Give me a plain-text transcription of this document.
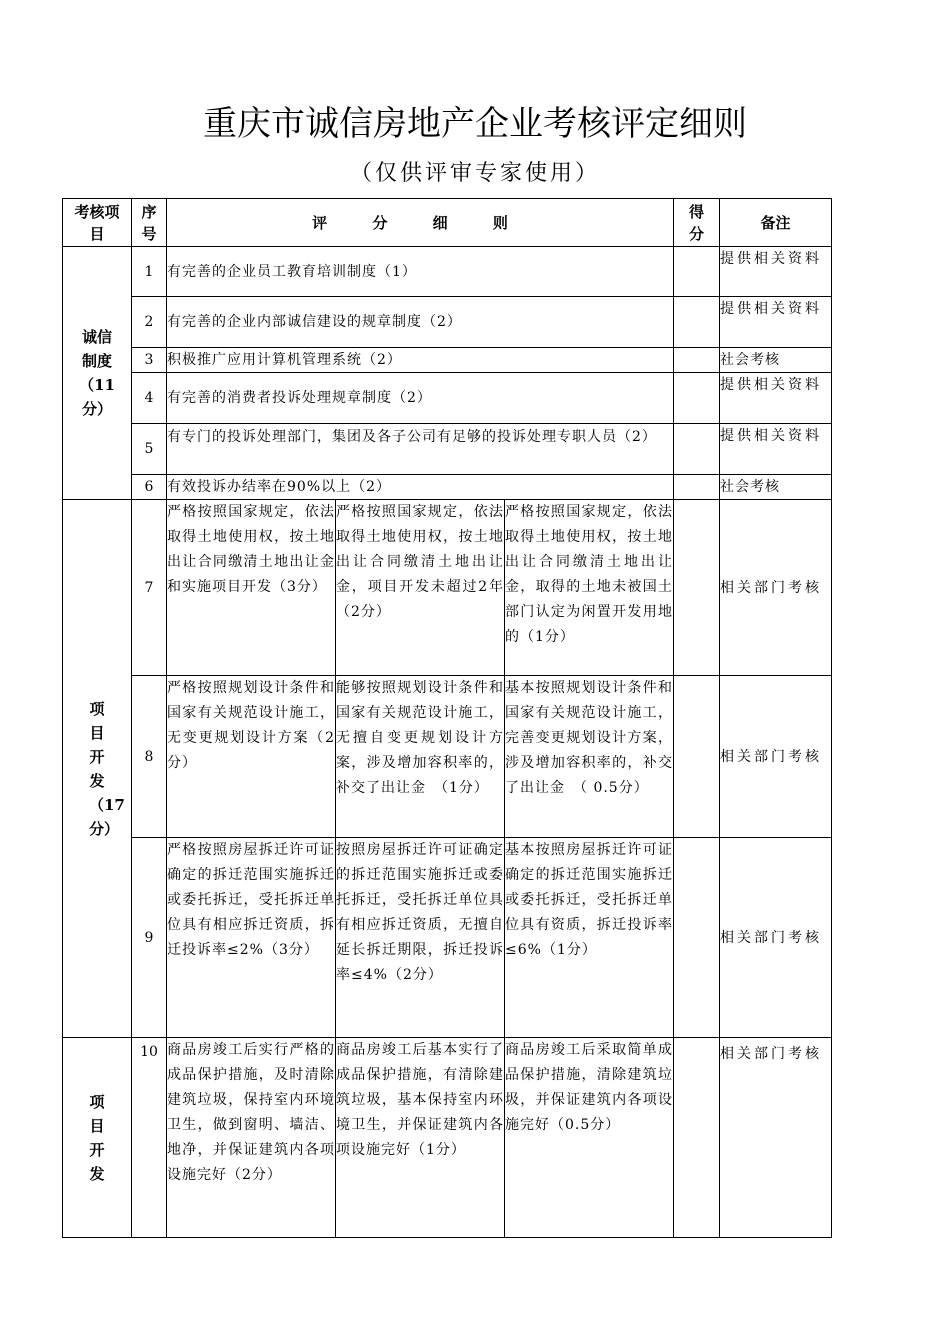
重庆市诚信房地产企业考核评定细则
（仅供评审专家使用）
考核项目	序号	评 分 细 则			得分	备注
诚信制度（11分）	1	有完善的企业员工教育培训制度（1）				提供相关资料
	2	有完善的企业内部诚信建设的规章制度（2）				提供相关资料
	3	积极推广应用计算机管理系统（2）				社会考核
	4	有完善的消费者投诉处理规章制度（2）				提供相关资料
	5	有专门的投诉处理部门，集团及各子公司有足够的投诉处理专职人员（2）				提供相关资料
	6	有效投诉办结率在90%以上（2）				社会考核
项目开发（17分）	7	严格按照国家规定，依法取得土地使用权，按土地出让合同缴清土地出让金和实施项目开发（3分）	严格按照国家规定，依法取得土地使用权，按土地出让合同缴清土地出让金，项目开发未超过2年（2分）	严格按照国家规定，依法取得土地使用权，按土地出让合同缴清土地出让金，取得的土地未被国土部门认定为闲置开发用地的（1分）		相关部门考核
	8	严格按照规划设计条件和国家有关规范设计施工，无变更规划设计方案（2分）	能够按照规划设计条件和国家有关规范设计施工，无擅自变更规划设计方案，涉及增加容积率的，补交了出让金　（1分）	基本按照规划设计条件和国家有关规范设计施工，完善变更规划设计方案，涉及增加容积率的，补交了出让金　（ 0.5分）		相关部门考核
	9	严格按照房屋拆迁许可证确定的拆迁范围实施拆迁或委托拆迁，受托拆迁单位具有相应拆迁资质，拆迁投诉率≤2%（3分）	按照房屋拆迁许可证确定的拆迁范围实施拆迁或委托拆迁，受托拆迁单位具有相应拆迁资质，无擅自延长拆迁期限，拆迁投诉率≤4%（2分）	基本按照房屋拆迁许可证确定的拆迁范围实施拆迁或委托拆迁，受托拆迁单位具有资质，拆迁投诉率≤6%（1分）		相关部门考核
项目开发	10	商品房竣工后实行严格的成品保护措施，及时清除建筑垃圾，保持室内环境卫生，做到窗明、墙洁、地净，并保证建筑内各项设施完好（2分）	商品房竣工后基本实行了成品保护措施，有清除建筑垃圾，基本保持室内环境卫生，并保证建筑内各项设施完好（1分）	商品房竣工后采取简单成品保护措施，清除建筑垃圾，并保证建筑内各项设施完好（0.5分）		相关部门考核
